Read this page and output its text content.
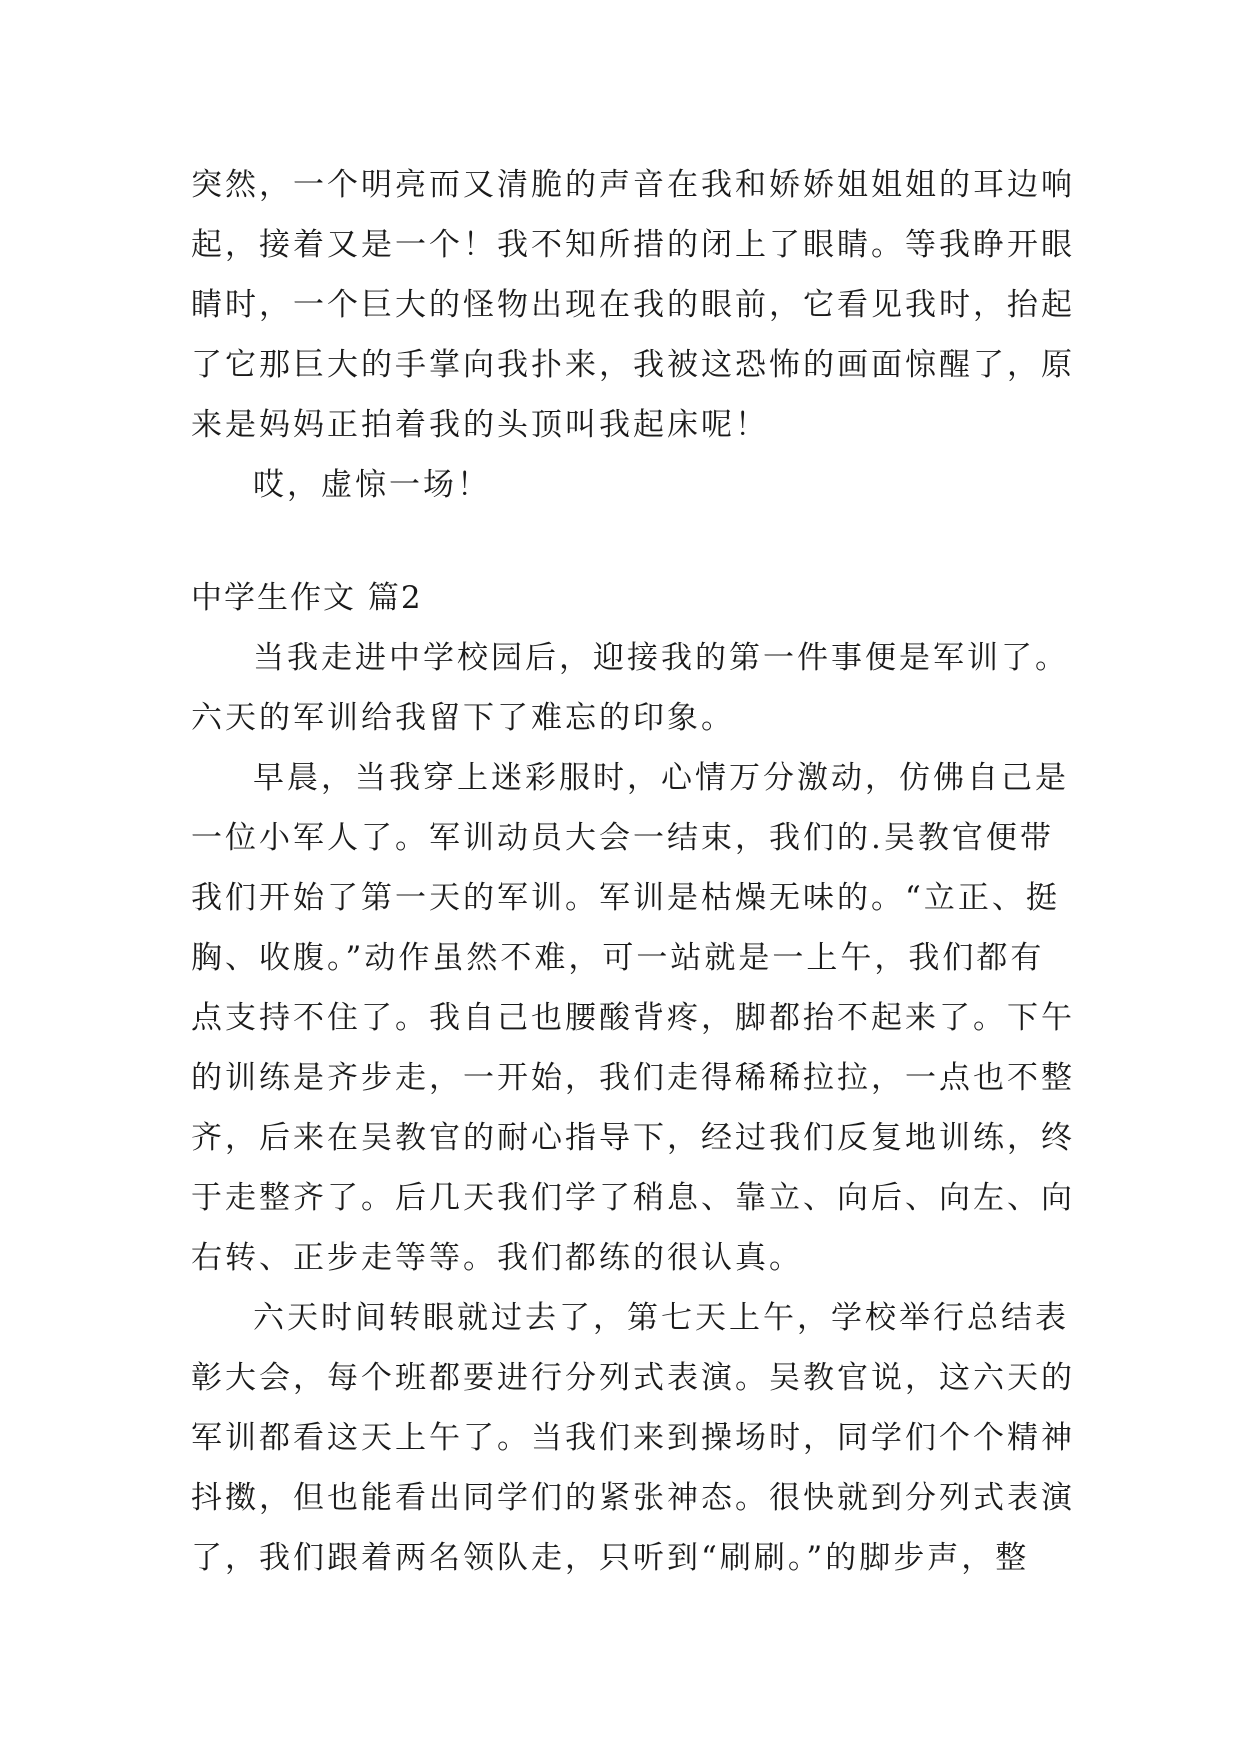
突然，一个明亮而又清脆的声音在我和娇娇姐姐姐的耳边响
起，接着又是一个！我不知所措的闭上了眼睛。等我睁开眼
睛时，一个巨大的怪物出现在我的眼前，它看见我时，抬起
了它那巨大的手掌向我扑来，我被这恐怖的画面惊醒了，原
来是妈妈正拍着我的头顶叫我起床呢！
哎，虚惊一场！
中学生作文 篇2
当我走进中学校园后，迎接我的第一件事便是军训了。
六天的军训给我留下了难忘的印象。
早晨，当我穿上迷彩服时，心情万分激动，仿佛自己是
一位小军人了。军训动员大会一结束，我们的.吴教官便带
我们开始了第一天的军训。军训是枯燥无味的。“立正、挺
胸、收腹。”动作虽然不难，可一站就是一上午，我们都有
点支持不住了。我自己也腰酸背疼，脚都抬不起来了。下午
的训练是齐步走，一开始，我们走得稀稀拉拉，一点也不整
齐，后来在吴教官的耐心指导下，经过我们反复地训练，终
于走整齐了。后几天我们学了稍息、靠立、向后、向左、向
右转、正步走等等。我们都练的很认真。
六天时间转眼就过去了，第七天上午，学校举行总结表
彰大会，每个班都要进行分列式表演。吴教官说，这六天的
军训都看这天上午了。当我们来到操场时，同学们个个精神
抖擞，但也能看出同学们的紧张神态。很快就到分列式表演
了，我们跟着两名领队走，只听到“刷刷。”的脚步声，整
